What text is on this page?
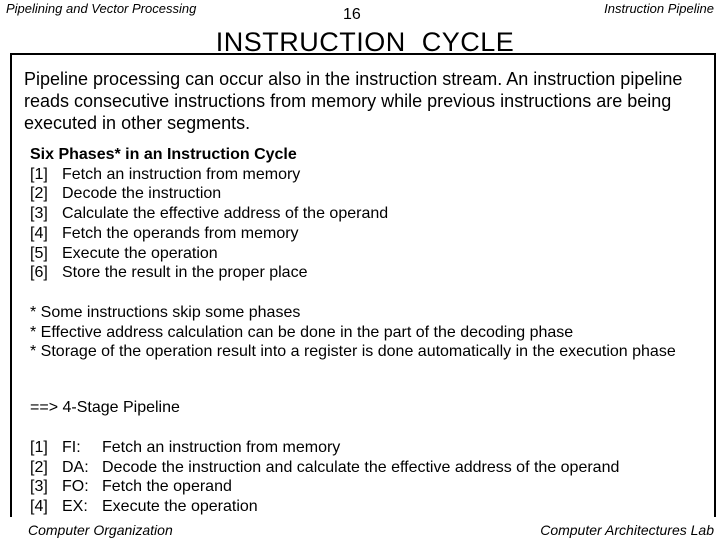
Pipelining and Vector Processing	16	Instruction Pipeline
INSTRUCTION  CYCLE
Pipeline processing can occur also in the instruction stream. An instruction pipeline reads consecutive instructions from memory while previous instructions are being executed in other segments.
Six Phases* in an Instruction Cycle
[1] Fetch an instruction from memory
[2] Decode the instruction
[3] Calculate the effective address of the operand
[4] Fetch the operands from memory
[5] Execute the operation
[6] Store the result in the proper place
* Some instructions skip some phases
* Effective address calculation can be done in the part of the decoding phase
* Storage of the operation result into a register is done automatically in the execution phase
==> 4-Stage Pipeline
[1] FI:	Fetch an instruction from memory
[2] DA: Decode the instruction and calculate the effective address of the operand
[3] FO: Fetch the operand
[4] EX: Execute the operation
Computer Organization	Computer Architectures Lab
